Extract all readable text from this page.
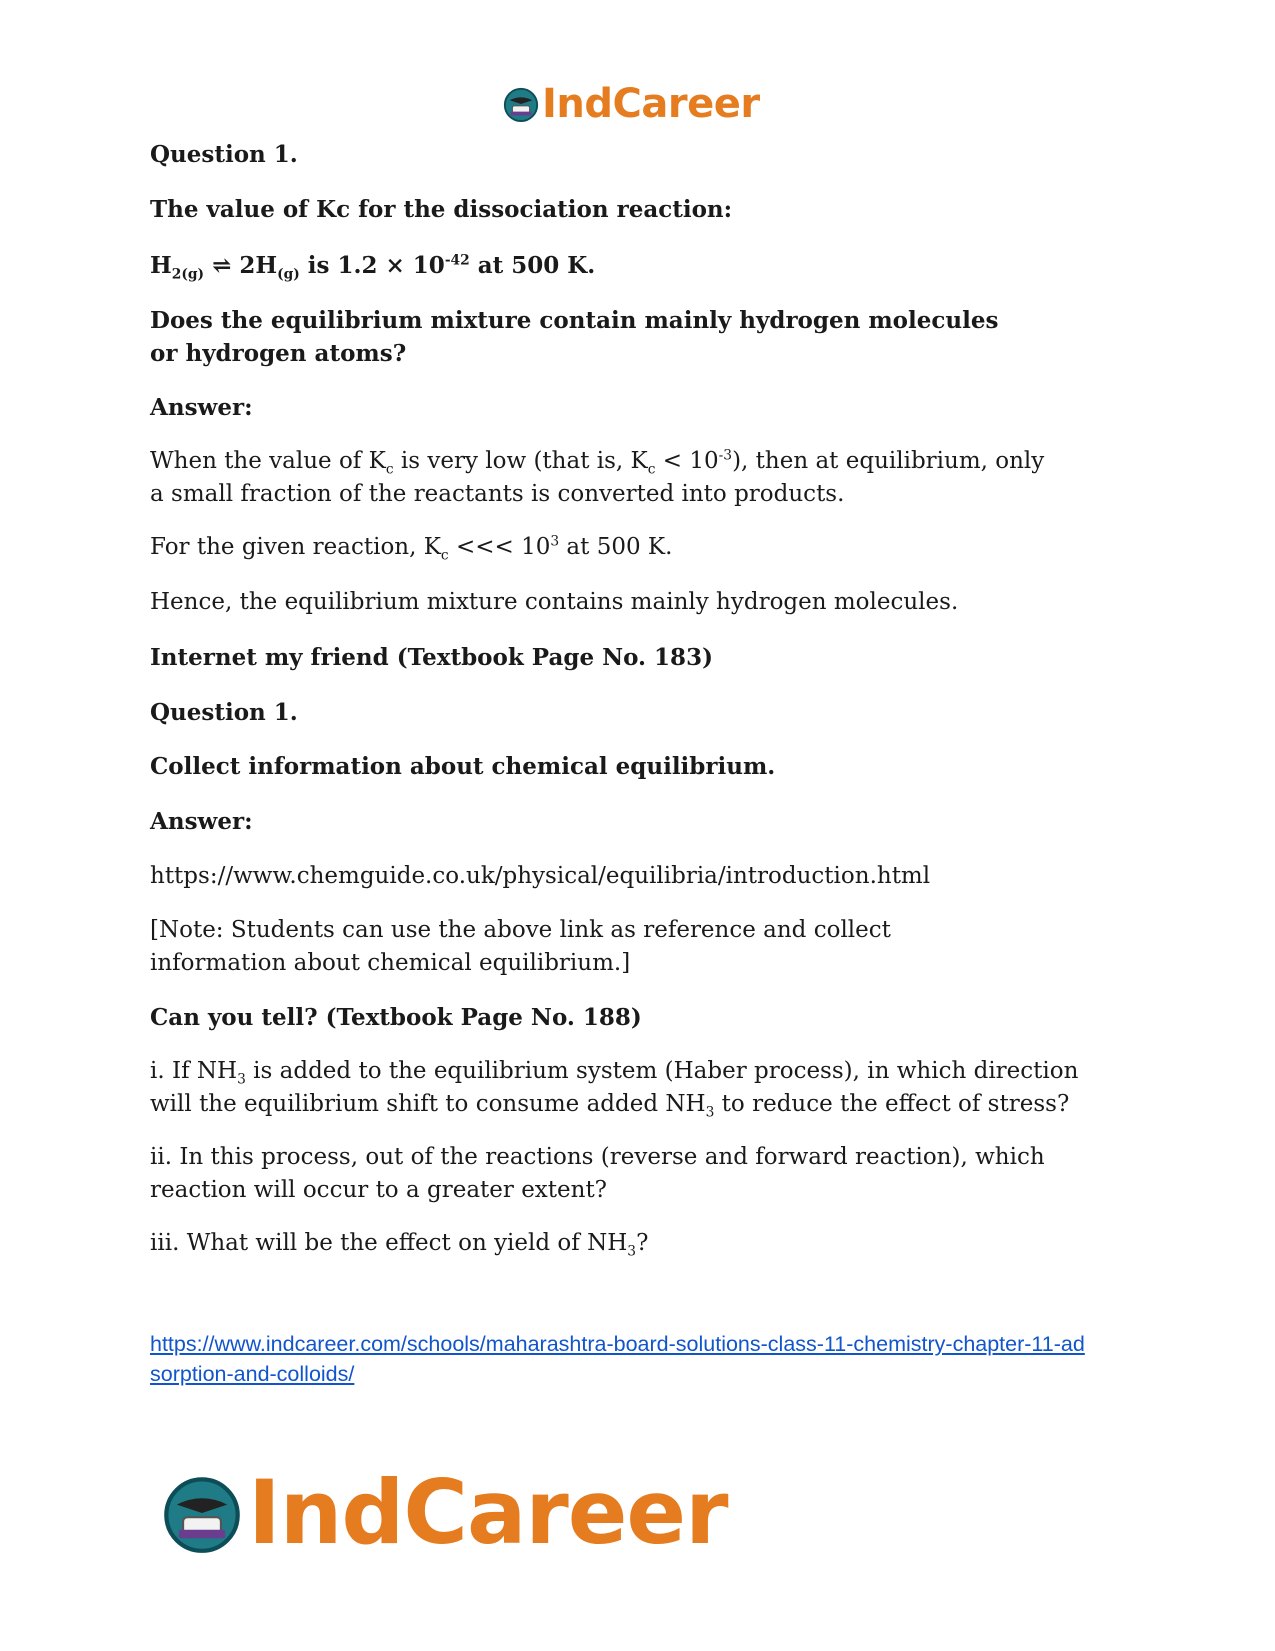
IndCareer
Question 1.
The value of Kc for the dissociation reaction:
$H_{2(g)}$ ⇌ $2H_{(g)}$ is $1.2 \times 10^{-42}$ at 500 K.
Does the equilibrium mixture contain mainly hydrogen molecules or hydrogen atoms?
Answer:
When the value of $K_c$ is very low (that is, $K_c < 10^{-3}$), then at equilibrium, only a small fraction of the reactants is converted into products.
For the given reaction, $K_c$ <<< $10^3$ at 500 K.
Hence, the equilibrium mixture contains mainly hydrogen molecules.
Internet my friend (Textbook Page No. 183)
Question 1.
Collect information about chemical equilibrium.
Answer:
https://www.chemguide.co.uk/physical/equilibria/introduction.html
[Note: Students can use the above link as reference and collect information about chemical equilibrium.]
Can you tell? (Textbook Page No. 188)
i. If $NH_3$ is added to the equilibrium system (Haber process), in which direction will the equilibrium shift to consume added $NH_3$ to reduce the effect of stress?
ii. In this process, out of the reactions (reverse and forward reaction), which reaction will occur to a greater extent?
iii. What will be the effect on yield of $NH_3$?
https://www.indcareer.com/schools/maharashtra-board-solutions-class-11-chemistry-chapter-11-adsorption-and-colloids/
IndCareer
